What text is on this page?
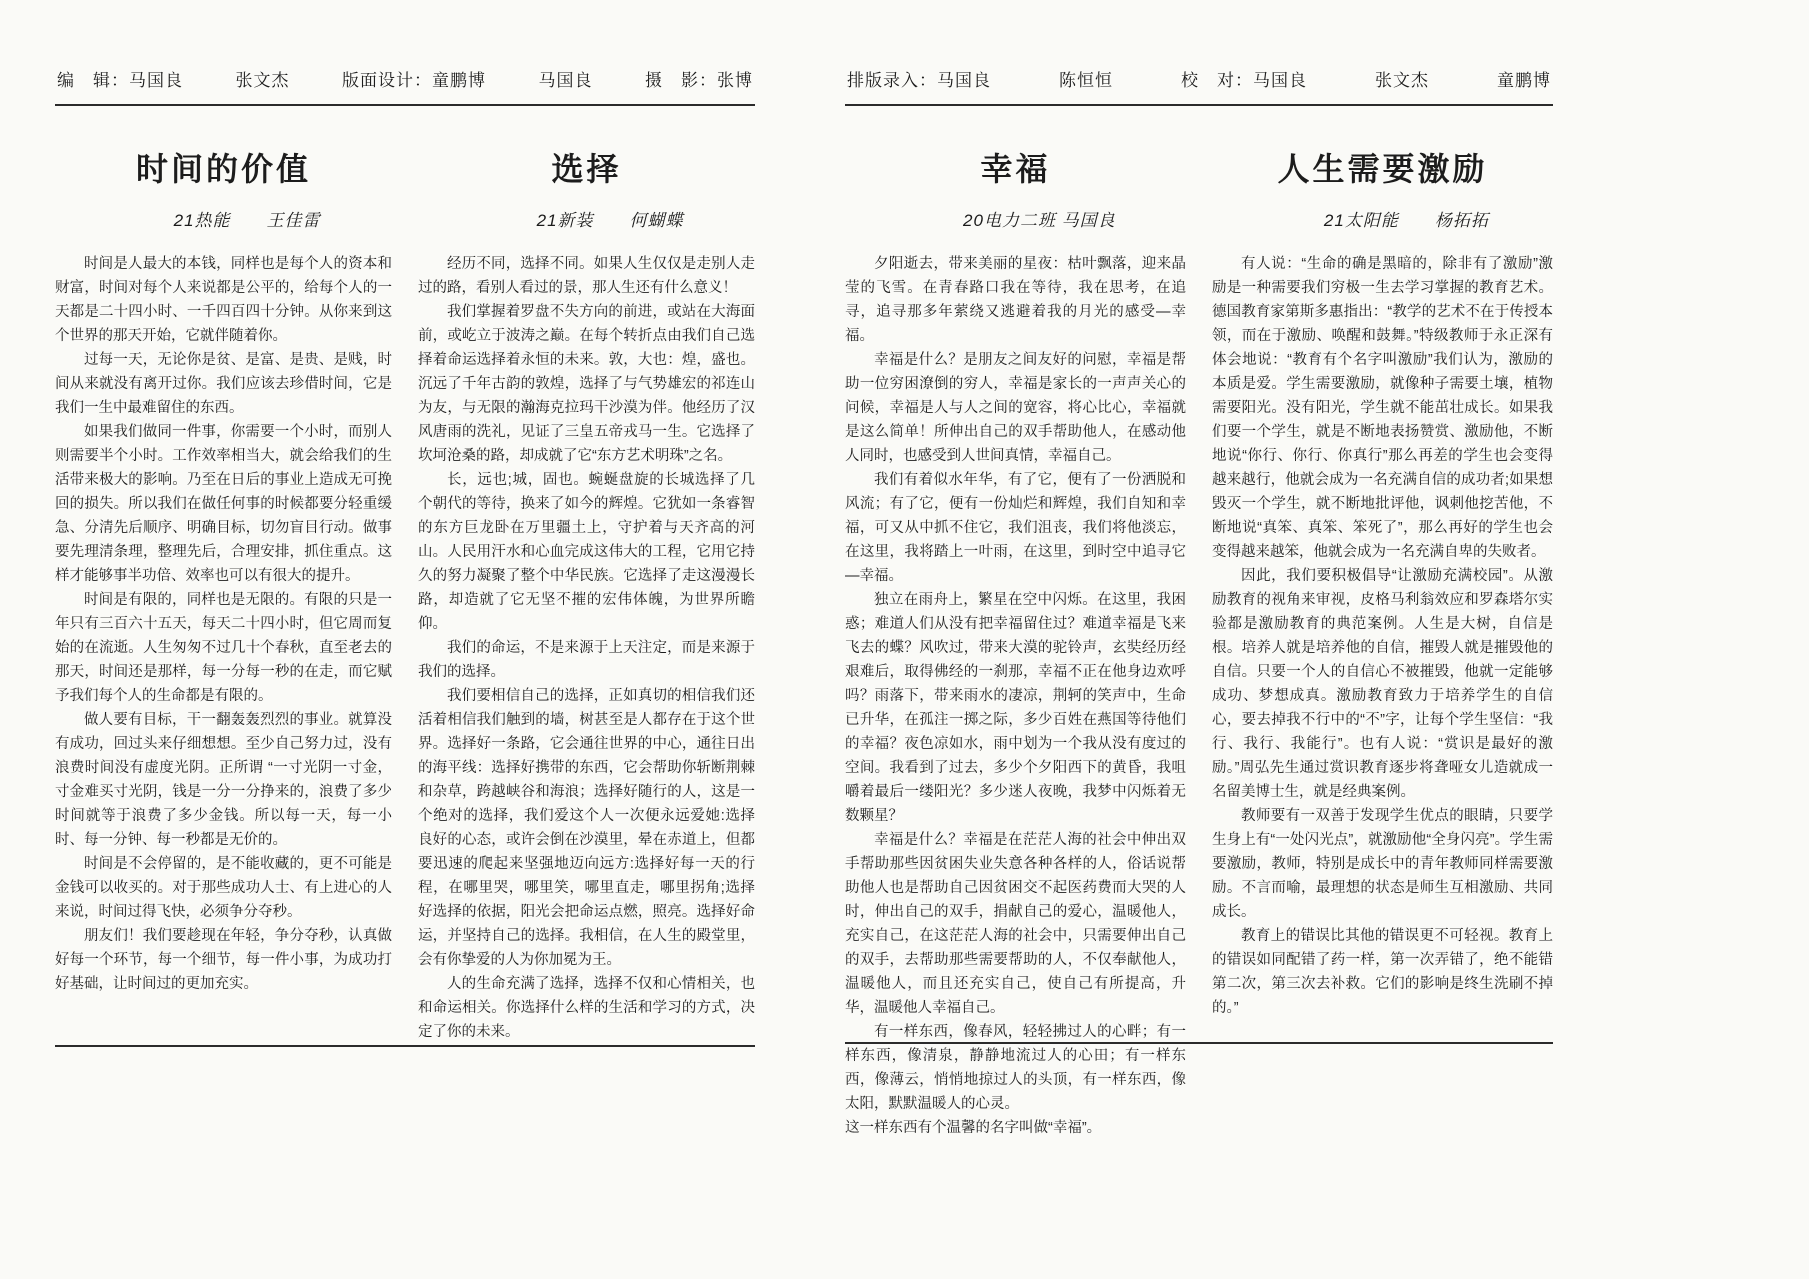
编　辑：马国良	张文杰	版面设计：童鹏博	马国良	摄　影：张博
时间的价值
21热能　　王佳雷

时间是人最大的本钱，同样也是每个人的资本和财富，时间对每个人来说都是公平的，给每个人的一天都是二十四小时、一千四百四十分钟。从你来到这个世界的那天开始，它就伴随着你。

过每一天，无论你是贫、是富、是贵、是贱，时间从来就没有离开过你。我们应该去珍借时间，它是我们一生中最难留住的东西。

如果我们做同一件事，你需要一个小时，而别人则需要半个小时。工作效率相当大，就会给我们的生活带来极大的影响。乃至在日后的事业上造成无可挽回的损失。所以我们在做任何事的时候都要分轻重缓急、分清先后顺序、明确目标，切勿盲目行动。做事要先理清条理，整理先后，合理安排，抓住重点。这样才能够事半功倍、效率也可以有很大的提升。

时间是有限的，同样也是无限的。有限的只是一年只有三百六十五天，每天二十四小时，但它周而复始的在流逝。人生匆匆不过几十个春秋，直至老去的那天，时间还是那样，每一分每一秒的在走，而它赋予我们每个人的生命都是有限的。

做人要有目标，干一翻轰轰烈烈的事业。就算没有成功，回过头来仔细想想。至少自己努力过，没有浪费时间没有虚度光阴。正所谓 “一寸光阴一寸金，寸金难买寸光阴，钱是一分一分挣来的，浪费了多少时间就等于浪费了多少金钱。所以每一天，每一小时、每一分钟、每一秒都是无价的。

时间是不会停留的，是不能收藏的，更不可能是金钱可以收买的。对于那些成功人士、有上进心的人来说，时间过得飞快，必须争分夺秒。

朋友们！我们要趁现在年轻，争分夺秒，认真做好每一个环节，每一个细节，每一件小事，为成功打好基础，让时间过的更加充实。

选择
21新装　　何蝴蝶

经历不同，选择不同。如果人生仅仅是走别人走过的路，看别人看过的景，那人生还有什么意义！

我们掌握着罗盘不失方向的前进，或站在大海面前，或屹立于波涛之巅。在每个转折点由我们自己选择着命运选择着永恒的未来。敦，大也：煌，盛也。沉远了千年古韵的敦煌，选择了与气势雄宏的祁连山为友，与无限的瀚海克拉玛干沙漠为伴。他经历了汉风唐雨的洗礼，见证了三皇五帝戎马一生。它选择了坎坷沧桑的路，却成就了它“东方艺术明珠”之名。

长，远也;城，固也。蜿蜒盘旋的长城选择了几个朝代的等待，换来了如今的辉煌。它犹如一条睿智的东方巨龙卧在万里疆土上，守护着与天齐高的河山。人民用汗水和心血完成这伟大的工程，它用它持久的努力凝聚了整个中华民族。它选择了走这漫漫长路，却造就了它无坚不摧的宏伟体魄，为世界所瞻仰。

我们的命运，不是来源于上天注定，而是来源于我们的选择。

我们要相信自己的选择，正如真切的相信我们还活着相信我们触到的墙，树甚至是人都存在于这个世界。选择好一条路，它会通往世界的中心，通往日出的海平线：选择好携带的东西，它会帮助你斩断荆棘和杂草，跨越峡谷和海浪；选择好随行的人，这是一个绝对的选择，我们爱这个人一次便永远爱她:选择良好的心态，或许会倒在沙漠里，晕在赤道上，但都要迅速的爬起来坚强地迈向远方:选择好每一天的行程，在哪里哭，哪里笑，哪里直走，哪里拐角;选择好选择的依据，阳光会把命运点燃，照亮。选择好命运，并坚持自己的选择。我相信，在人生的殿堂里，会有你挚爱的人为你加冕为王。

人的生命充满了选择，选择不仅和心情相关，也和命运相关。你选择什么样的生活和学习的方式，决定了你的未来。

排版录入：马国良	陈恒恒	校　对：马国良	张文杰	童鹏博
幸福
20电力二班 马国良

夕阳逝去，带来美丽的星夜：枯叶飘落，迎来晶莹的飞雪。在青春路口我在等待，我在思考，在追寻，追寻那多年萦绕又逃避着我的月光的感受—幸福。

幸福是什么？是朋友之间友好的问慰，幸福是帮助一位穷困潦倒的穷人，幸福是家长的一声声关心的问候，幸福是人与人之间的宽容，将心比心，幸福就是这么简单！所伸出自己的双手帮助他人，在感动他人同时，也感受到人世间真情，幸福自己。

我们有着似水年华，有了它，便有了一份洒脱和风流；有了它，便有一份灿烂和辉煌，我们自知和幸福，可又从中抓不住它，我们沮丧，我们将他淡忘，在这里，我将踏上一叶雨，在这里，到时空中追寻它—幸福。

独立在雨舟上，繁星在空中闪烁。在这里，我困惑；难道人们从没有把幸福留住过？难道幸福是飞来飞去的蝶？风吹过，带来大漠的驼铃声，玄奘经历经艰难后，取得佛经的一刹那，幸福不正在他身边欢呼吗？雨落下，带来雨水的凄凉，荆轲的笑声中，生命已升华，在孤注一掷之际，多少百姓在燕国等待他们的幸福？夜色凉如水，雨中划为一个我从没有度过的空间。我看到了过去，多少个夕阳西下的黄昏，我咀嚼着最后一缕阳光？多少迷人夜晚，我梦中闪烁着无数颗星？

幸福是什么？幸福是在茫茫人海的社会中伸出双手帮助那些因贫困失业失意各种各样的人，俗话说帮助他人也是帮助自己因贫困交不起医药费而大哭的人时，伸出自己的双手，捐献自己的爱心，温暖他人，充实自己，在这茫茫人海的社会中，只需要伸出自己的双手，去帮助那些需要帮助的人，不仅奉献他人，温暖他人，而且还充实自己，使自己有所提高，升华，温暖他人幸福自己。

有一样东西，像春风，轻轻拂过人的心畔；有一样东西，像清泉，静静地流过人的心田；有一样东西，像薄云，悄悄地掠过人的头顶，有一样东西，像太阳，默默温暖人的心灵。

这一样东西有个温馨的名字叫做“幸福”。

人生需要激励
21太阳能　　杨拓拓

有人说：“生命的确是黑暗的，除非有了激励”激励是一种需要我们穷极一生去学习掌握的教育艺术。德国教育家第斯多惠指出：“教学的艺术不在于传授本领，而在于激励、唤醒和鼓舞。”特级教师于永正深有体会地说：“教育有个名字叫激励”我们认为，激励的本质是爱。学生需要激励，就像种子需要土壤，植物需要阳光。没有阳光，学生就不能茁壮成长。如果我们要一个学生，就是不断地表扬赞赏、激励他，不断地说“你行、你行、你真行”那么再差的学生也会变得越来越行，他就会成为一名充满自信的成功者;如果想毁灭一个学生，就不断地批评他，讽刺他挖苦他，不断地说“真笨、真笨、笨死了”，那么再好的学生也会变得越来越笨，他就会成为一名充满自卑的失败者。

因此，我们要积极倡导“让激励充满校园”。从激励教育的视角来审视，皮格马利翁效应和罗森塔尔实验都是激励教育的典范案例。人生是大树，自信是根。培养人就是培养他的自信，摧毁人就是摧毁他的自信。只要一个人的自信心不被摧毁，他就一定能够成功、梦想成真。激励教育致力于培养学生的自信心，要去掉我不行中的“不”字，让每个学生坚信：“我行、我行、我能行”。也有人说：“赏识是最好的激励。”周弘先生通过赏识教育逐步将聋哑女儿造就成一名留美博士生，就是经典案例。

教师要有一双善于发现学生优点的眼睛，只要学生身上有“一处闪光点”，就激励他“全身闪亮”。学生需要激励，教师，特别是成长中的青年教师同样需要激励。不言而喻，最理想的状态是师生互相激励、共同成长。

教育上的错误比其他的错误更不可轻视。教育上的错误如同配错了药一样，第一次弄错了，绝不能错第二次，第三次去补救。它们的影响是终生洗刷不掉的。”
